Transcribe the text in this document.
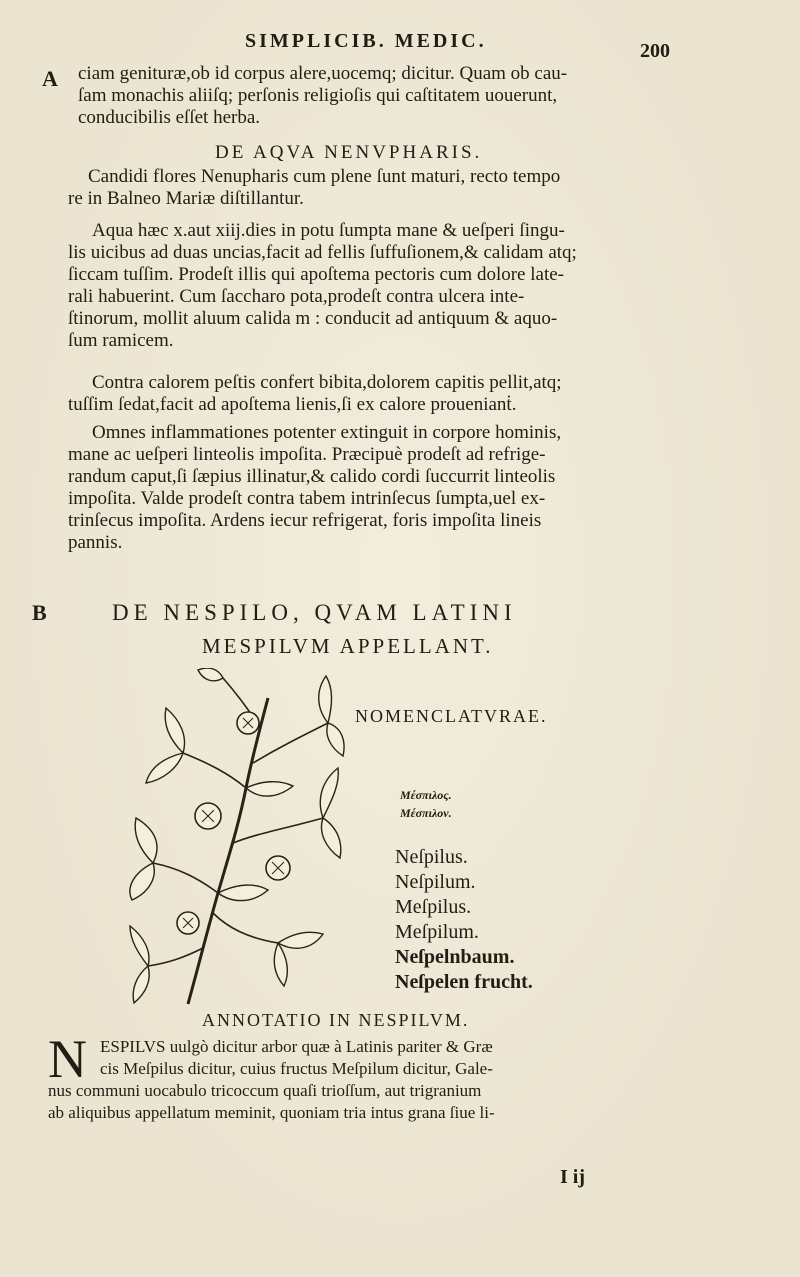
SIMPLICIB. MEDIC.	200
A ciam genituræ,ob id corpus alere,uocemq; dicitur. Quam ob cau-

ſam monachis aliiſq; perſonis religioſis qui caſtitatem uouerunt,

conducibilis eſſet herba.

DE AQVA NENVPHARIS.

Candidi flores Nenupharis cum plene ſunt maturi, recto tempo

re in Balneo Mariæ diſtillantur.

Aqua hæc x.aut xiij.dies in potu ſumpta mane & ueſperi ſingu-

lis uicibus ad duas uncias,facit ad fellis ſuffuſionem,& calidam atq;

ſiccam tuſſim. Prodeſt illis qui apoſtema pectoris cum dolore late-

rali habuerint. Cum ſaccharo pota,prodeſt contra ulcera inte-

ſtinorum, mollit aluum calida m : conducit ad antiquum & aquo-

ſum ramicem.

Contra calorem peſtis confert bibita,dolorem capitis pellit,atq;

tuſſim ſedat,facit ad apoſtema lienis,ſi ex calore prouenianṫ.

Omnes inflammationes potenter extinguit in corpore hominis,

mane ac ueſperi linteolis impoſita. Præcipuè prodeſt ad refrige-

randum caput,ſi ſæpius illinatur,& calido cordi ſuccurrit linteolis

impoſita. Valde prodeſt contra tabem intrinſecus ſumpta,uel ex-

trinſecus impoſita. Ardens iecur refrigerat, foris impoſita lineis

pannis.

B	DE NESPILO, QVAM LATINI
MESPILVM APPELLANT.
NOMENCLATVRAE.
Μέσπιλος.
Μέσπιλον.
Neſpilus.
Neſpilum.
Meſpilus.
Meſpilum.
Neſpelnbaum.
Neſpelen frucht.
ANNOTATIO IN NESPILVM.
N ESPILVS uulgò dicitur arbor quæ à Latinis pariter & Græ

cis Meſpilus dicitur, cuius fructus Meſpilum dicitur, Gale-

nus communi uocabulo tricoccum quaſi trioſſum, aut trigranium

ab aliquibus appellatum meminit, quoniam tria intus grana ſiue li-

I ij
